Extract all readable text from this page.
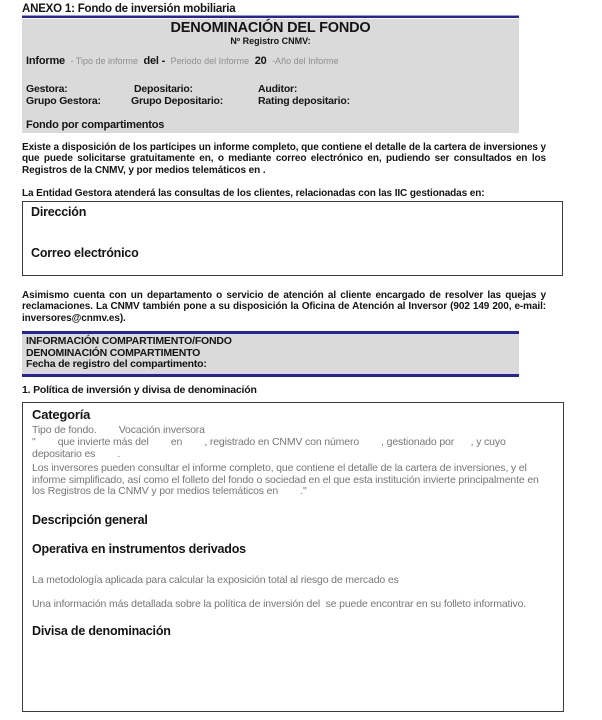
ANEXO 1: Fondo de inversión mobiliaria
DENOMINACIÓN DEL FONDO
Nº Registro CNMV:
Informe - Tipo de informe del - Periodo del Informe 20 -Año del Informe
Gestora:	Depositario:	Auditor:
Grupo Gestora:	Grupo Depositario:	Rating depositario:
Fondo por compartimentos

Existe a disposición de los partícipes un informe completo, que contiene el detalle de la cartera de inversiones y que puede solicitarse gratuitamente en, o mediante correo electrónico en, pudiendo ser consultados en los Registros de la CNMV, y por medios telemáticos en .

La Entidad Gestora atenderá las consultas de los clientes, relacionadas con las IIC gestionadas en:

Dirección
Correo electrónico

Asimismo cuenta con un departamento o servicio de atención al cliente encargado de resolver las quejas y reclamaciones. La CNMV también pone a su disposición la Oficina de Atención al Inversor (902 149 200, e-mail: inversores@cnmv.es).

INFORMACIÓN COMPARTIMENTO/FONDO
DENOMINACIÓN COMPARTIMENTO
Fecha de registro del compartimento:
1. Política de inversión y divisa de denominación
Categoría
Tipo de fondo.        Vocación inversora
"        que invierte más del        en        , registrado en CNMV con número        , gestionado por      , y cuyo depositario es        .
Los inversores pueden consultar el informe completo, que contiene el detalle de la cartera de inversiones, y el informe simplificado, así como el folleto del fondo o sociedad en el que esta institución invierte principalmente en los Registros de la CNMV y por medios telemáticos en        ."
Descripción general
Operativa en instrumentos derivados
La metodología aplicada para calcular la exposición total al riesgo de mercado es
Una información más detallada sobre la política de inversión del  se puede encontrar en su folleto informativo.
Divisa de denominación
